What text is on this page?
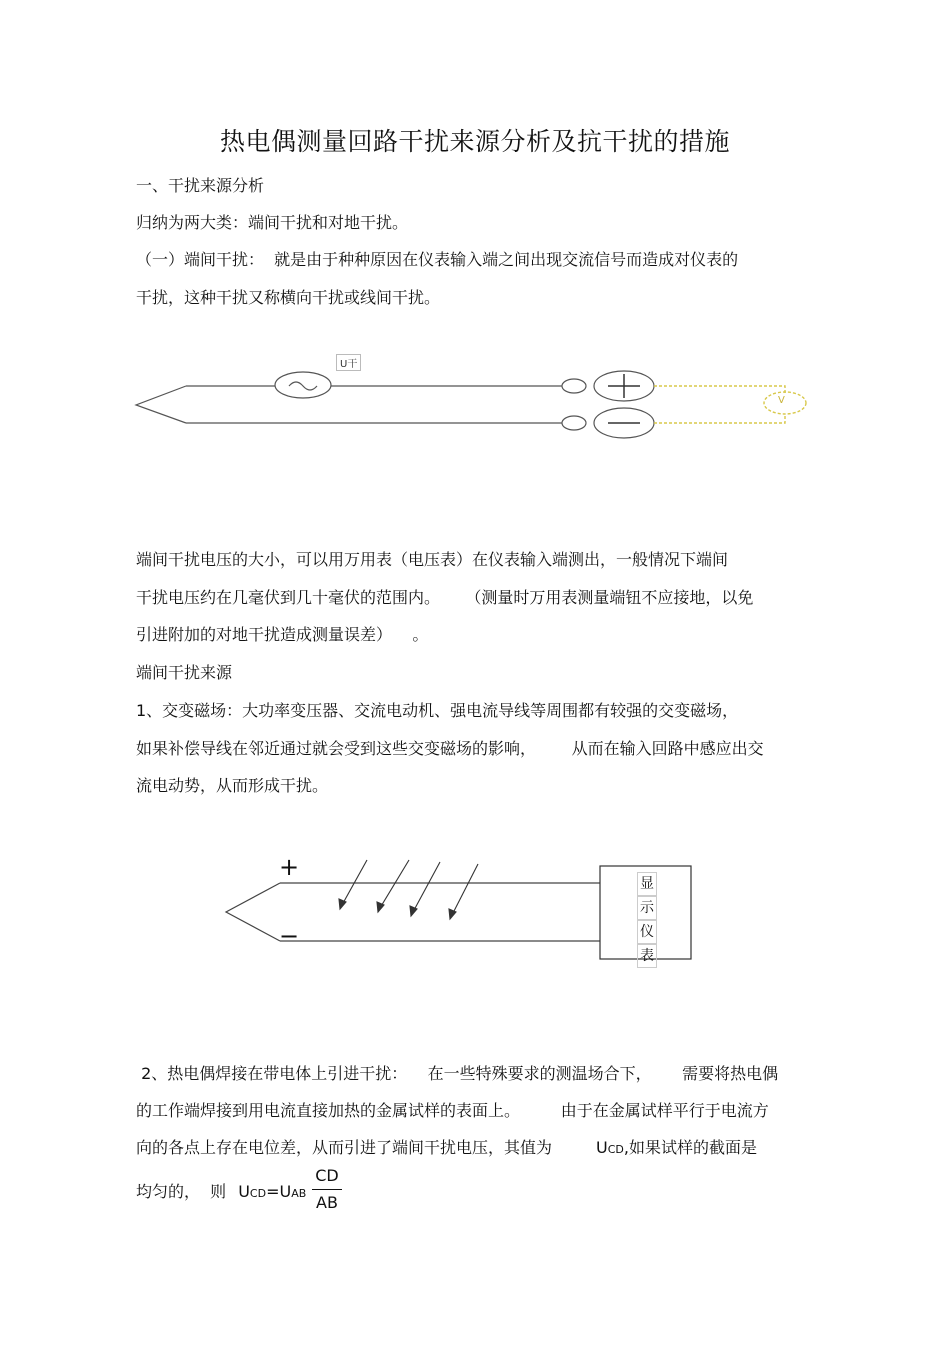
热电偶测量回路干扰来源分析及抗干扰的措施
一、干扰来源分析
归纳为两大类：端间干扰和对地干扰。
（一）端间干扰：  就是由于种种原因在仪表输入端之间出现交流信号而造成对仪表的
干扰，这种干扰又称横向干扰或线间干扰。
U干
V
+
−
显
示
仪
表
端间干扰电压的大小，可以用万用表（电压表）在仪表输入端测出，一般情况下端间
干扰电压约在几毫伏到几十毫伏的范围内。     （测量时万用表测量端钮不应接地，以免
引进附加的对地干扰造成测量误差）    。
端间干扰来源
1、交变磁场：大功率变压器、交流电动机、强电流导线等周围都有较强的交变磁场，
如果补偿导线在邻近通过就会受到这些交变磁场的影响，       从而在输入回路中感应出交
流电动势，从而形成干扰。
2、热电偶焊接在带电体上引进干扰：    在一些特殊要求的测温场合下，      需要将热电偶
的工作端焊接到用电流直接加热的金属试样的表面上。        由于在金属试样平行于电流方
向的各点上存在电位差，从而引进了端间干扰电压，其值为	UCD,如果试样的截面是
均匀的，  则 UCD=UAB
CD
AB
